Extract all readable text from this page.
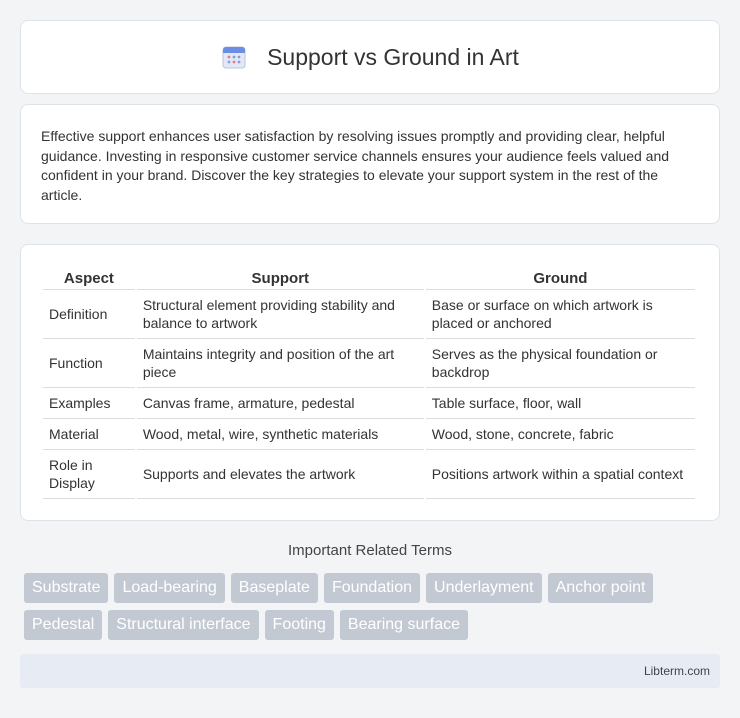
Support vs Ground in Art

Effective support enhances user satisfaction by resolving issues promptly and providing clear, helpful guidance. Investing in responsive customer service channels ensures your audience feels valued and confident in your brand. Discover the key strategies to elevate your support system in the rest of the article.

Aspect	Support	Ground
Definition	Structural element providing stability and balance to artwork	Base or surface on which artwork is placed or anchored
Function	Maintains integrity and position of the art piece	Serves as the physical foundation or backdrop
Examples	Canvas frame, armature, pedestal	Table surface, floor, wall
Material	Wood, metal, wire, synthetic materials	Wood, stone, concrete, fabric
Role in Display	Supports and elevates the artwork	Positions artwork within a spatial context
Important Related Terms
Substrate	Load-bearing	Baseplate	Foundation	Underlayment	Anchor point
Pedestal	Structural interface	Footing	Bearing surface
Libterm.com
